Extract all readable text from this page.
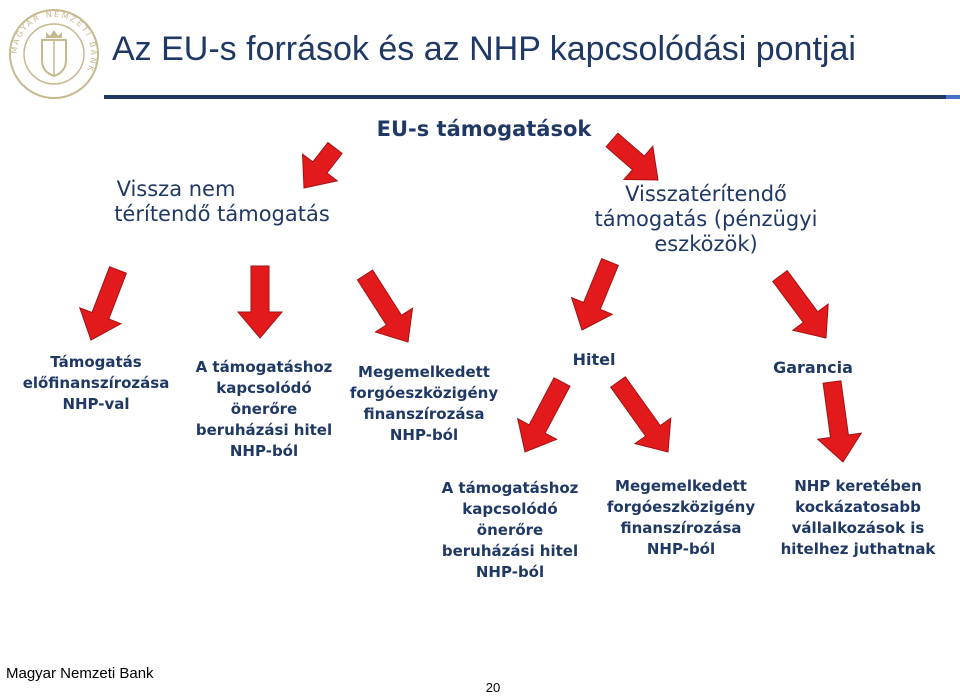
MAGYAR NEMZETI BANK
Az EU-s források és az NHP kapcsolódási pontjai
EU-s támogatások
Vissza nem
térítendő támogatás
Visszatérítendő
támogatás (pénzügyi
eszközök)
Támogatás
előfinanszírozása
NHP-val
A támogatáshoz
kapcsolódó
önerőre
beruházási hitel
NHP-ból
Megemelkedett
forgóeszközigény
finanszírozása
NHP-ból
Hitel	Garancia
A támogatáshoz
kapcsolódó
önerőre
beruházási hitel
NHP-ból
Megemelkedett
forgóeszközigény
finanszírozása
NHP-ból
NHP keretében
kockázatosabb
vállalkozások is
hitelhez juthatnak
Magyar Nemzeti Bank
20
